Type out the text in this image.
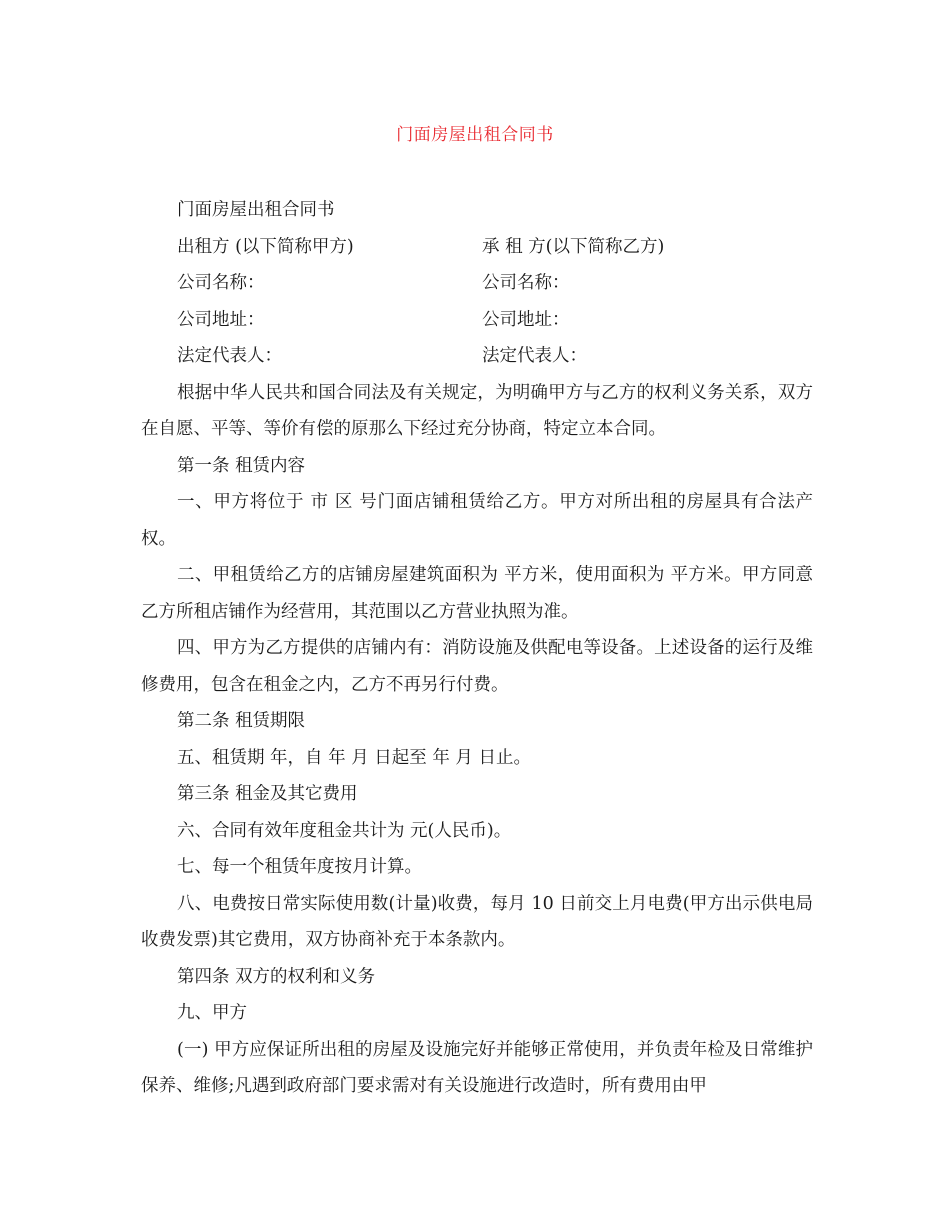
门面房屋出租合同书

门面房屋出租合同书

出租方 (以下简称甲方)	承 租 方(以下简称乙方)
公司名称：	公司名称：
公司地址：	公司地址：
法定代表人：	法定代表人：

根据中华人民共和国合同法及有关规定，为明确甲方与乙方的权利义务关系，双方在自愿、平等、等价有偿的原那么下经过充分协商，特定立本合同。

第一条 租赁内容

一、甲方将位于 市 区 号门面店铺租赁给乙方。甲方对所出租的房屋具有合法产权。

二、甲租赁给乙方的店铺房屋建筑面积为 平方米，使用面积为 平方米。甲方同意乙方所租店铺作为经营用，其范围以乙方营业执照为准。

四、甲方为乙方提供的店铺内有：消防设施及供配电等设备。上述设备的运行及维修费用，包含在租金之内，乙方不再另行付费。

第二条 租赁期限

五、租赁期 年，自 年 月 日起至 年 月 日止。

第三条 租金及其它费用

六、合同有效年度租金共计为 元(人民币)。

七、每一个租赁年度按月计算。

八、电费按日常实际使用数(计量)收费，每月 10 日前交上月电费(甲方出示供电局收费发票)其它费用，双方协商补充于本条款内。

第四条 双方的权利和义务

九、甲方

(一) 甲方应保证所出租的房屋及设施完好并能够正常使用，并负责年检及日常维护保养、维修;凡遇到政府部门要求需对有关设施进行改造时，所有费用由甲
